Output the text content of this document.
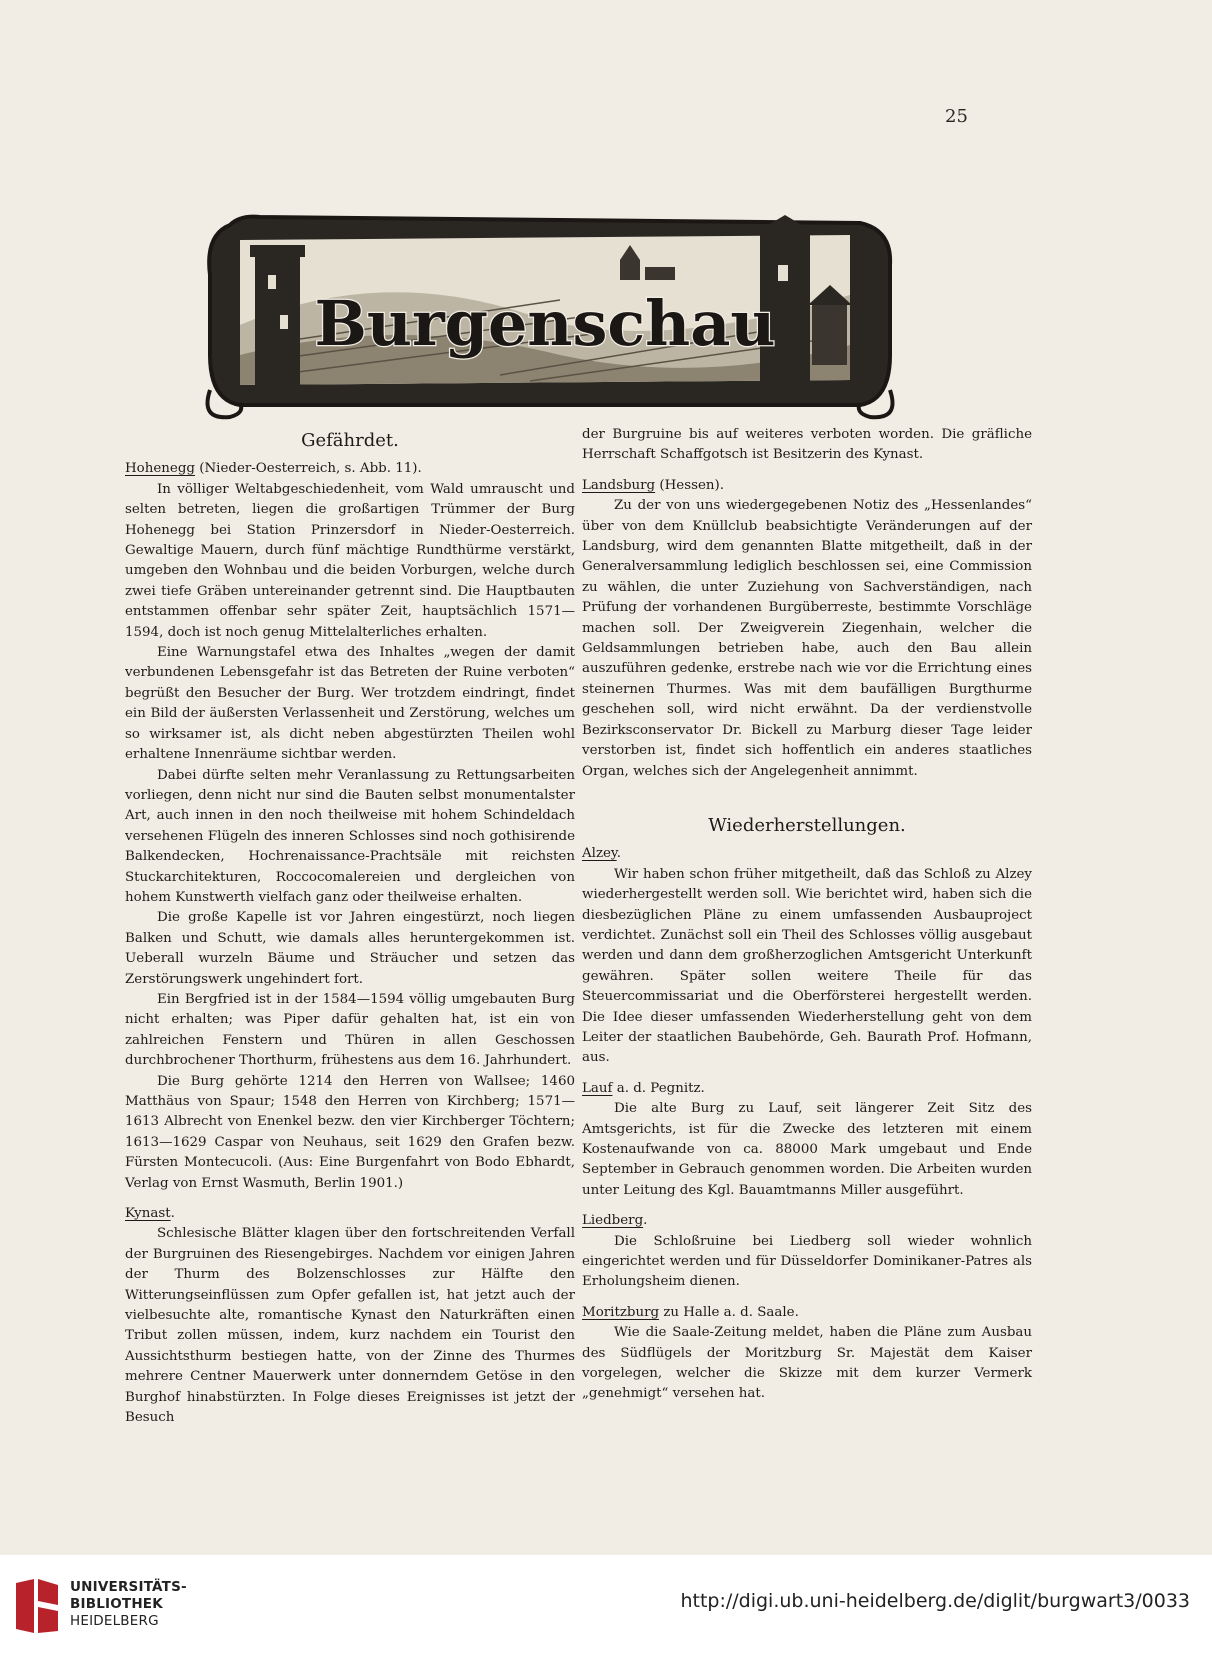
25
Burgenschau
Gefährdet.
Hohenegg (Nieder-Oesterreich, s. Abb. 11).

In völliger Weltabgeschiedenheit, vom Wald umrauscht und selten betreten, liegen die großartigen Trümmer der Burg Hohenegg bei Station Prinzersdorf in Nieder-Oesterreich. Gewaltige Mauern, durch fünf mächtige Rundthürme verstärkt, umgeben den Wohnbau und die beiden Vorburgen, welche durch zwei tiefe Gräben untereinander getrennt sind. Die Hauptbauten entstammen offenbar sehr später Zeit, hauptsächlich 1571—1594, doch ist noch genug Mittelalterliches erhalten.

Eine Warnungstafel etwa des Inhaltes „wegen der damit verbundenen Lebensgefahr ist das Betreten der Ruine verboten“ begrüßt den Besucher der Burg. Wer trotzdem eindringt, findet ein Bild der äußersten Verlassenheit und Zerstörung, welches um so wirksamer ist, als dicht neben abgestürzten Theilen wohl erhaltene Innenräume sichtbar werden.

Dabei dürfte selten mehr Veranlassung zu Rettungsarbeiten vorliegen, denn nicht nur sind die Bauten selbst monumentalster Art, auch innen in den noch theilweise mit hohem Schindeldach versehenen Flügeln des inneren Schlosses sind noch gothisirende Balkendecken, Hochrenaissance-Prachtsäle mit reichsten Stuckarchitekturen, Roccocomalereien und dergleichen von hohem Kunstwerth vielfach ganz oder theilweise erhalten.

Die große Kapelle ist vor Jahren eingestürzt, noch liegen Balken und Schutt, wie damals alles heruntergekommen ist. Ueberall wurzeln Bäume und Sträucher und setzen das Zerstörungswerk ungehindert fort.

Ein Bergfried ist in der 1584—1594 völlig umgebauten Burg nicht erhalten; was Piper dafür gehalten hat, ist ein von zahlreichen Fenstern und Thüren in allen Geschossen durchbrochener Thorthurm, frühestens aus dem 16. Jahrhundert.

Die Burg gehörte 1214 den Herren von Wallsee; 1460 Matthäus von Spaur; 1548 den Herren von Kirchberg; 1571—1613 Albrecht von Enenkel bezw. den vier Kirchberger Töchtern; 1613—1629 Caspar von Neuhaus, seit 1629 den Grafen bezw. Fürsten Montecucoli. (Aus: Eine Burgenfahrt von Bodo Ebhardt, Verlag von Ernst Wasmuth, Berlin 1901.)

Kynast.

Schlesische Blätter klagen über den fortschreitenden Verfall der Burgruinen des Riesengebirges. Nachdem vor einigen Jahren der Thurm des Bolzenschlosses zur Hälfte den Witterungseinflüssen zum Opfer gefallen ist, hat jetzt auch der vielbesuchte alte, romantische Kynast den Naturkräften einen Tribut zollen müssen, indem, kurz nachdem ein Tourist den Aussichtsthurm bestiegen hatte, von der Zinne des Thurmes mehrere Centner Mauerwerk unter donnerndem Getöse in den Burghof hinabstürzten. In Folge dieses Ereignisses ist jetzt der Besuch

der Burgruine bis auf weiteres verboten worden. Die gräfliche Herrschaft Schaffgotsch ist Besitzerin des Kynast.

Landsburg (Hessen).

Zu der von uns wiedergegebenen Notiz des „Hessenlandes“ über von dem Knüllclub beabsichtigte Veränderungen auf der Landsburg, wird dem genannten Blatte mitgetheilt, daß in der Generalversammlung lediglich beschlossen sei, eine Commission zu wählen, die unter Zuziehung von Sachverständigen, nach Prüfung der vorhandenen Burgüberreste, bestimmte Vorschläge machen soll. Der Zweigverein Ziegenhain, welcher die Geldsammlungen betrieben habe, auch den Bau allein auszuführen gedenke, erstrebe nach wie vor die Errichtung eines steinernen Thurmes. Was mit dem baufälligen Burgthurme geschehen soll, wird nicht erwähnt. Da der verdienstvolle Bezirksconservator Dr. Bickell zu Marburg dieser Tage leider verstorben ist, findet sich hoffentlich ein anderes staatliches Organ, welches sich der Angelegenheit annimmt.

Wiederherstellungen.
Alzey.

Wir haben schon früher mitgetheilt, daß das Schloß zu Alzey wiederhergestellt werden soll. Wie berichtet wird, haben sich die diesbezüglichen Pläne zu einem umfassenden Ausbauproject verdichtet. Zunächst soll ein Theil des Schlosses völlig ausgebaut werden und dann dem großherzoglichen Amtsgericht Unterkunft gewähren. Später sollen weitere Theile für das Steuercommissariat und die Oberförsterei hergestellt werden. Die Idee dieser umfassenden Wiederherstellung geht von dem Leiter der staatlichen Baubehörde, Geh. Baurath Prof. Hofmann, aus.

Lauf a. d. Pegnitz.

Die alte Burg zu Lauf, seit längerer Zeit Sitz des Amtsgerichts, ist für die Zwecke des letzteren mit einem Kostenaufwande von ca. 88000 Mark umgebaut und Ende September in Gebrauch genommen worden. Die Arbeiten wurden unter Leitung des Kgl. Bauamtmanns Miller ausgeführt.

Liedberg.

Die Schloßruine bei Liedberg soll wieder wohnlich eingerichtet werden und für Düsseldorfer Dominikaner-Patres als Erholungsheim dienen.

Moritzburg zu Halle a. d. Saale.

Wie die Saale-Zeitung meldet, haben die Pläne zum Ausbau des Südflügels der Moritzburg Sr. Majestät dem Kaiser vorgelegen, welcher die Skizze mit dem kurzer Vermerk „genehmigt“ versehen hat.

UNIVERSITÄTS-
BIBLIOTHEK
HEIDELBERG
http://digi.ub.uni-heidelberg.de/diglit/burgwart3/0033
